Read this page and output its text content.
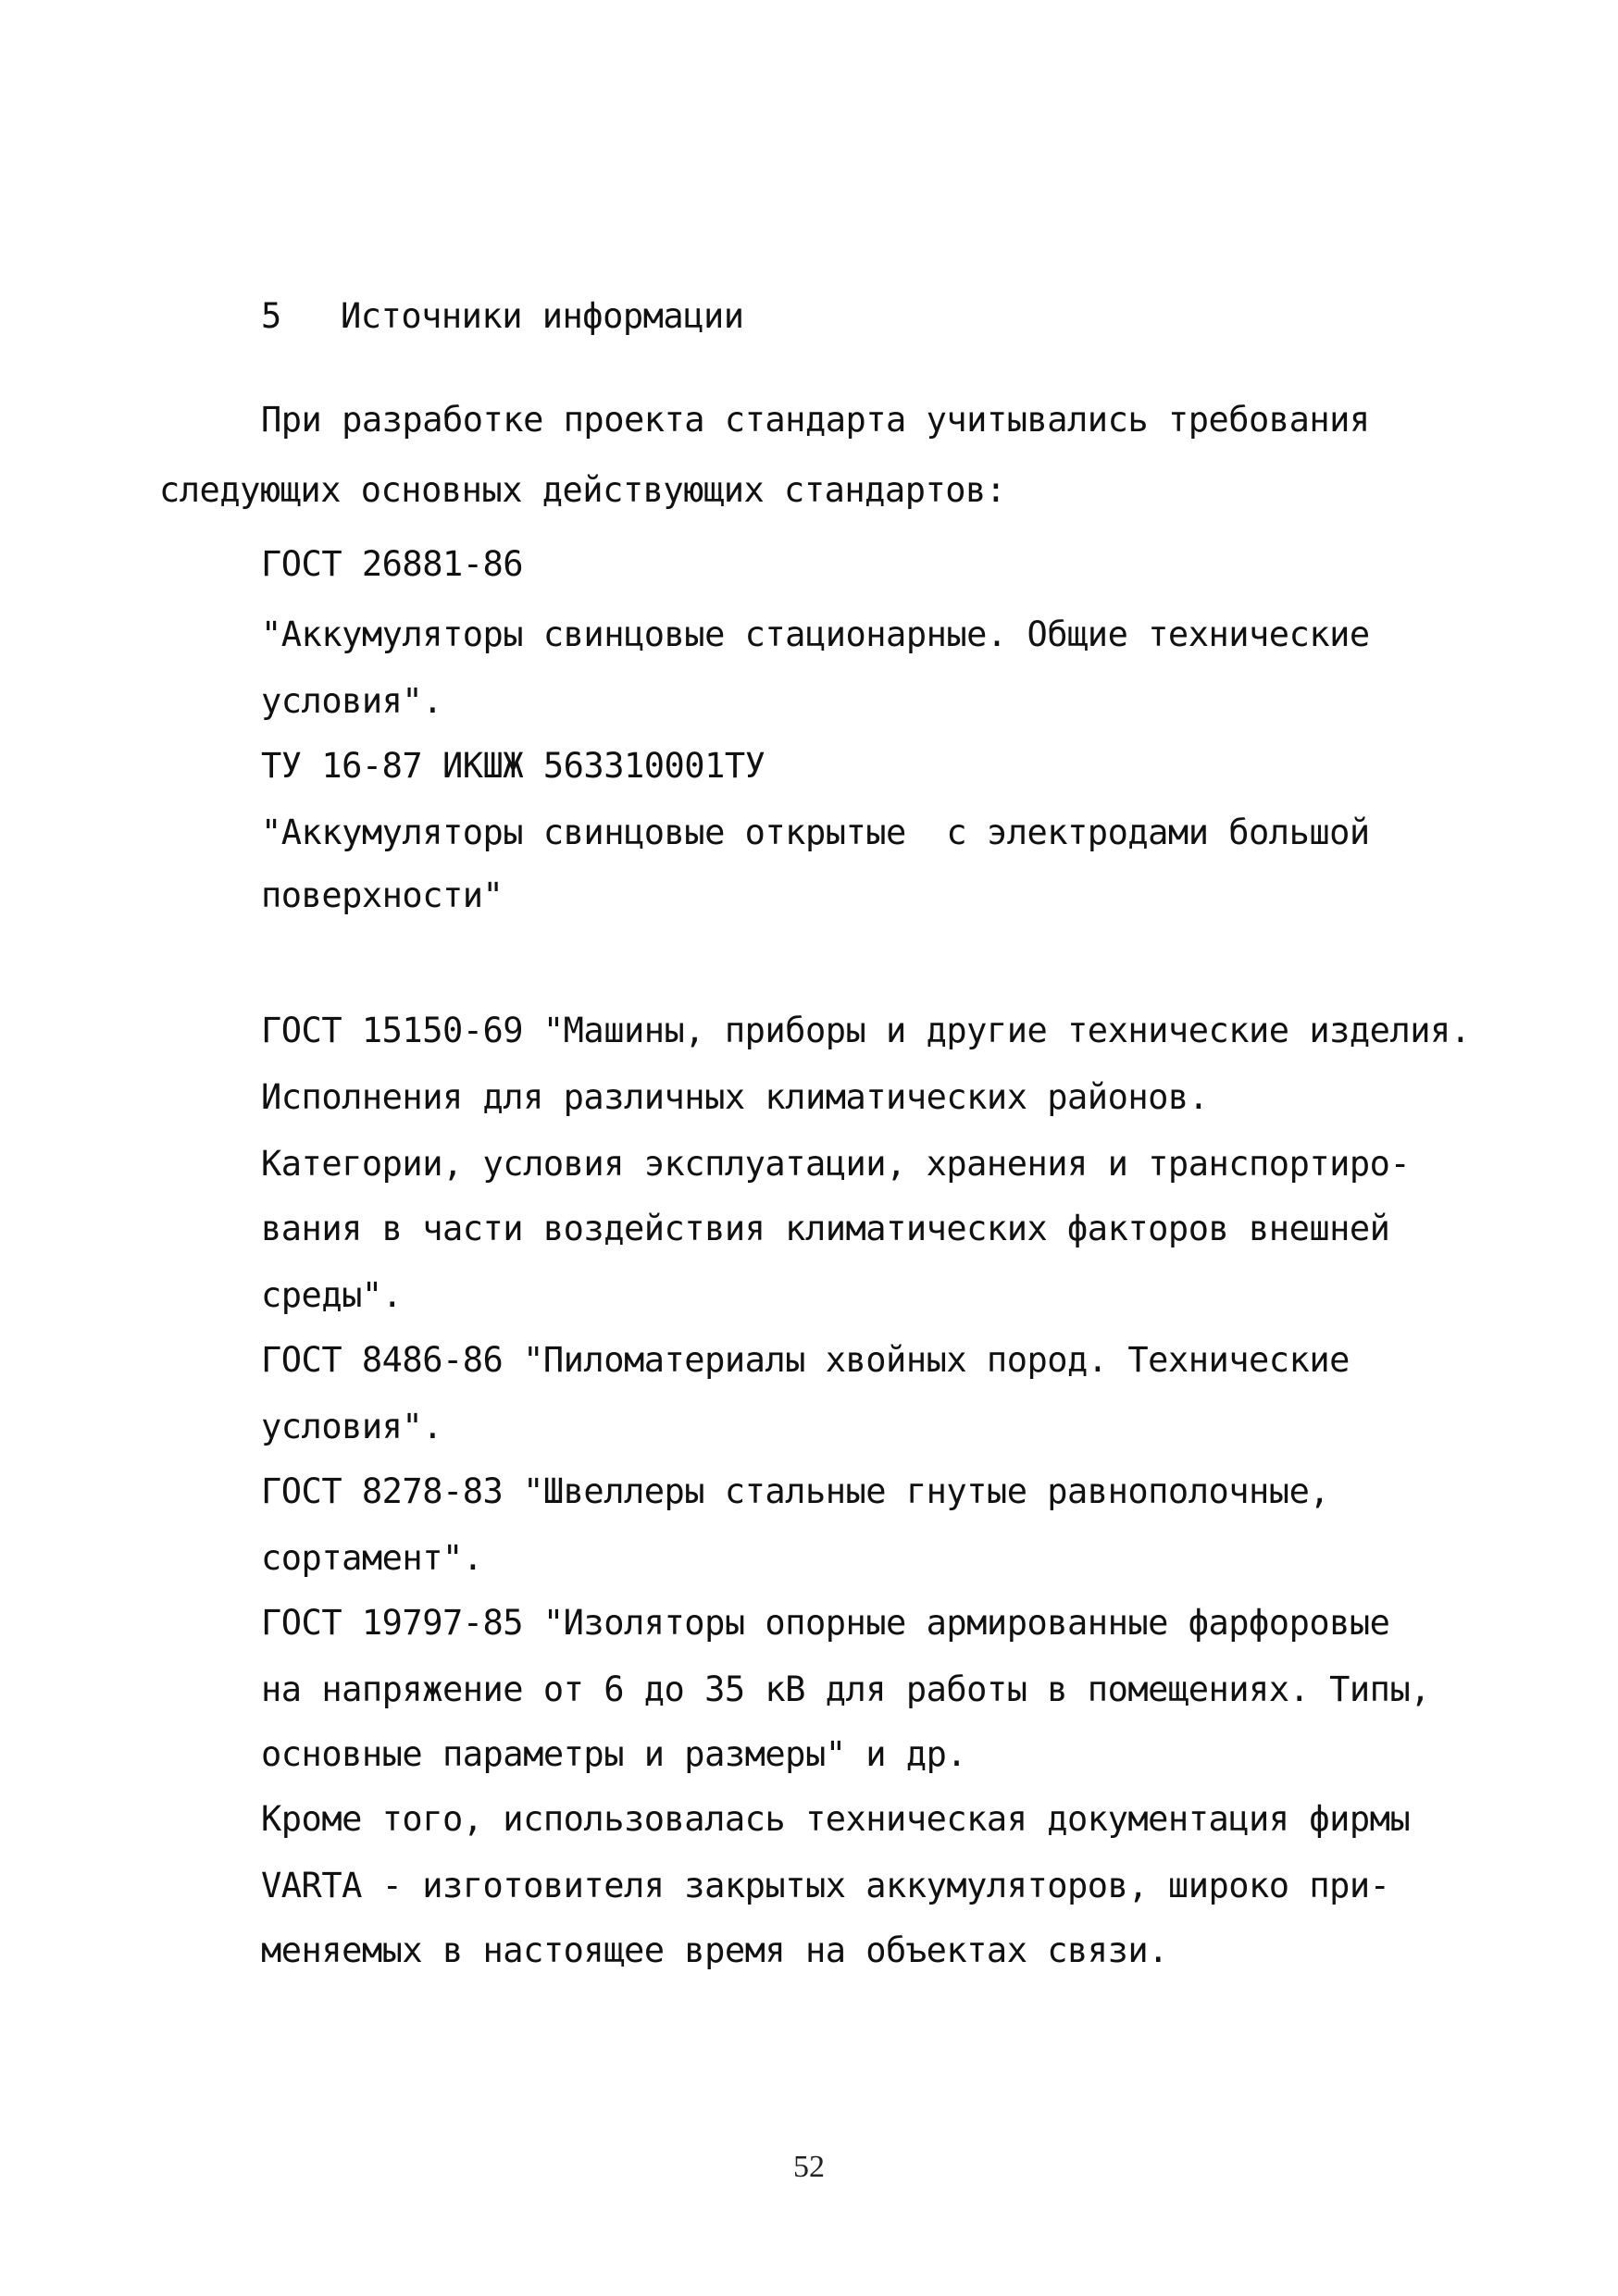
5 Источники информации
При разработке проекта стандарта учитывались требования
следующих основных действующих стандартов:
ГОСТ 26881-86
"Аккумуляторы свинцовые стационарные. Общие технические
условия".
ТУ 16-87 ИКШЖ 563310001ТУ
"Аккумуляторы свинцовые открытые  с электродами большой
поверхности"
ГОСТ 15150-69 "Машины, приборы и другие технические изделия.
Исполнения для различных климатических районов.
Категории, условия эксплуатации, хранения и транспортиро-
вания в части воздействия климатических факторов внешней
среды".
ГОСТ 8486-86 "Пиломатериалы хвойных пород. Технические
условия".
ГОСТ 8278-83 "Швеллеры стальные гнутые равнополочные,
сортамент".
ГОСТ 19797-85 "Изоляторы опорные армированные фарфоровые
на напряжение от 6 до 35 кВ для работы в помещениях. Типы,
основные параметры и размеры" и др.
Кроме того, использовалась техническая документация фирмы
VARTA - изготовителя закрытых аккумуляторов, широко при-
меняемых в настоящее время на объектах связи.
52
